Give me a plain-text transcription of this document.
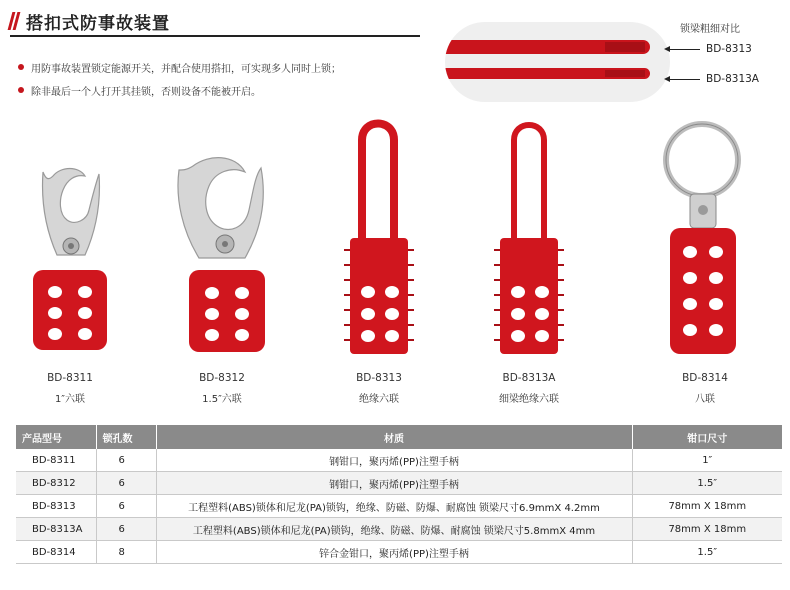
搭扣式防事故装置
用防事故装置锁定能源开关，并配合使用搭扣，可实现多人同时上锁；
除非最后一个人打开其挂锁，否则设备不能被开启。
锁梁粗细对比
BD-8313
BD-8313A
BD-8311
1″六联
BD-8312
1.5″六联
BD-8313
绝缘六联
BD-8313A
细梁绝缘六联
BD-8314
八联
产品型号	锁孔数	材质	钳口尺寸
BD-8311	6	钢钳口，聚丙烯(PP)注塑手柄	1″
BD-8312	6	钢钳口，聚丙烯(PP)注塑手柄	1.5″
BD-8313	6	工程塑料(ABS)锁体和尼龙(PA)锁钩，绝缘、防磁、防爆、耐腐蚀 锁梁尺寸6.9mmX 4.2mm	78mm X 18mm
BD-8313A	6	工程塑料(ABS)锁体和尼龙(PA)锁钩，绝缘、防磁、防爆、耐腐蚀 锁梁尺寸5.8mmX 4mm	78mm X 18mm
BD-8314	8	锌合金钳口，聚丙烯(PP)注塑手柄	1.5″
